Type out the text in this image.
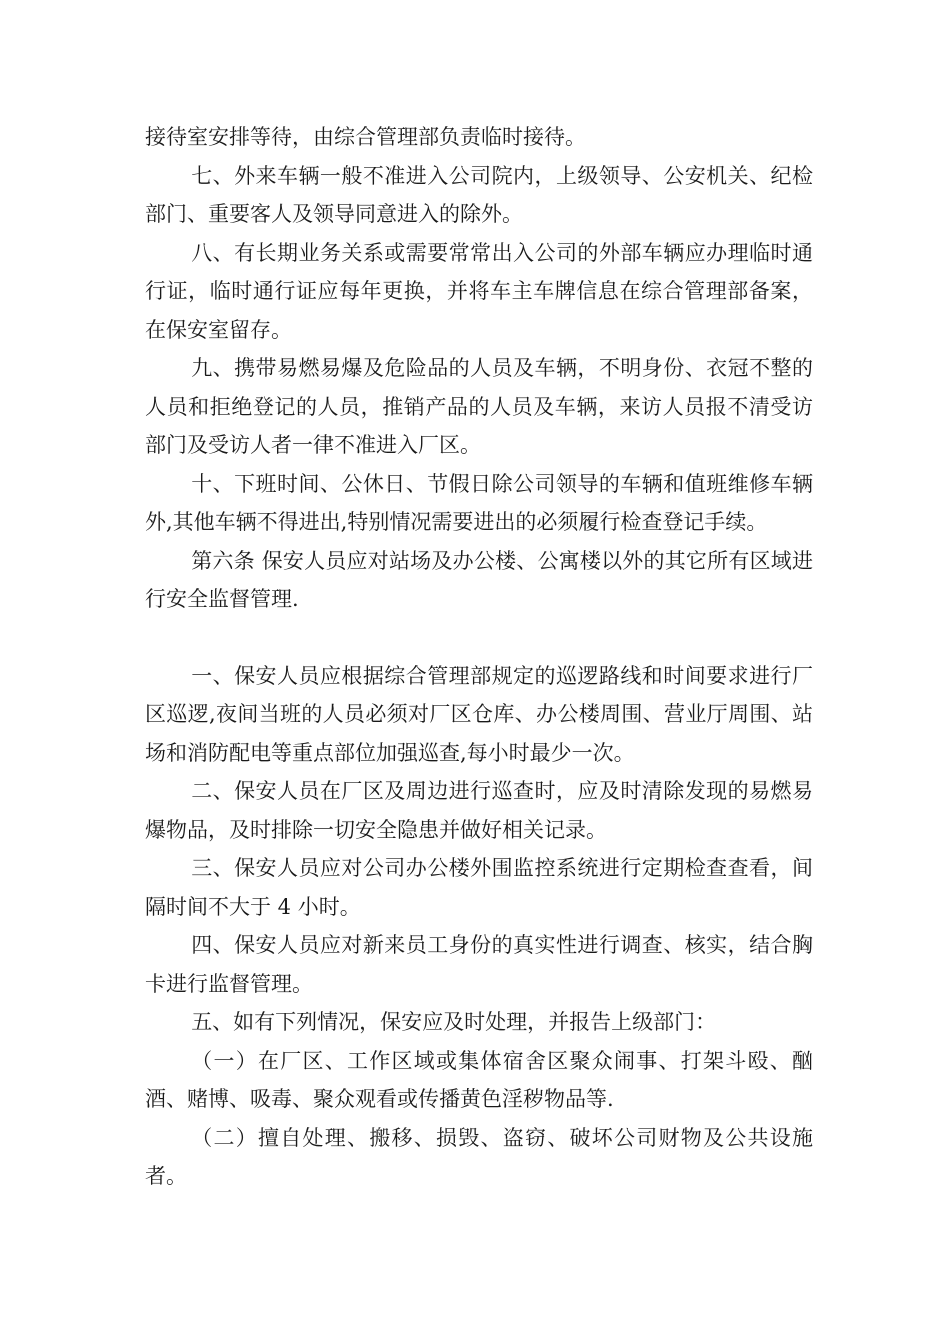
接待室安排等待，由综合管理部负责临时接待。

七、外来车辆一般不准进入公司院内，上级领导、公安机关、纪检部门、重要客人及领导同意进入的除外。

八、有长期业务关系或需要常常出入公司的外部车辆应办理临时通行证，临时通行证应每年更换，并将车主车牌信息在综合管理部备案，在保安室留存。

九、携带易燃易爆及危险品的人员及车辆，不明身份、衣冠不整的人员和拒绝登记的人员，推销产品的人员及车辆，来访人员报不清受访部门及受访人者一律不准进入厂区。

十、下班时间、公休日、节假日除公司领导的车辆和值班维修车辆外,其他车辆不得进出,特别情况需要进出的必须履行检查登记手续。

第六条 保安人员应对站场及办公楼、公寓楼以外的其它所有区域进行安全监督管理.

一、保安人员应根据综合管理部规定的巡逻路线和时间要求进行厂区巡逻,夜间当班的人员必须对厂区仓库、办公楼周围、营业厅周围、站场和消防配电等重点部位加强巡查,每小时最少一次。

二、保安人员在厂区及周边进行巡查时，应及时清除发现的易燃易爆物品，及时排除一切安全隐患并做好相关记录。

三、保安人员应对公司办公楼外围监控系统进行定期检查查看，间隔时间不大于 4 小时。

四、保安人员应对新来员工身份的真实性进行调查、核实，结合胸卡进行监督管理。

五、如有下列情况，保安应及时处理，并报告上级部门：

（一）在厂区、工作区域或集体宿舍区聚众闹事、打架斗殴、酗酒、赌博、吸毒、聚众观看或传播黄色淫秽物品等.

（二）擅自处理、搬移、损毁、盗窃、破坏公司财物及公共设施者。
